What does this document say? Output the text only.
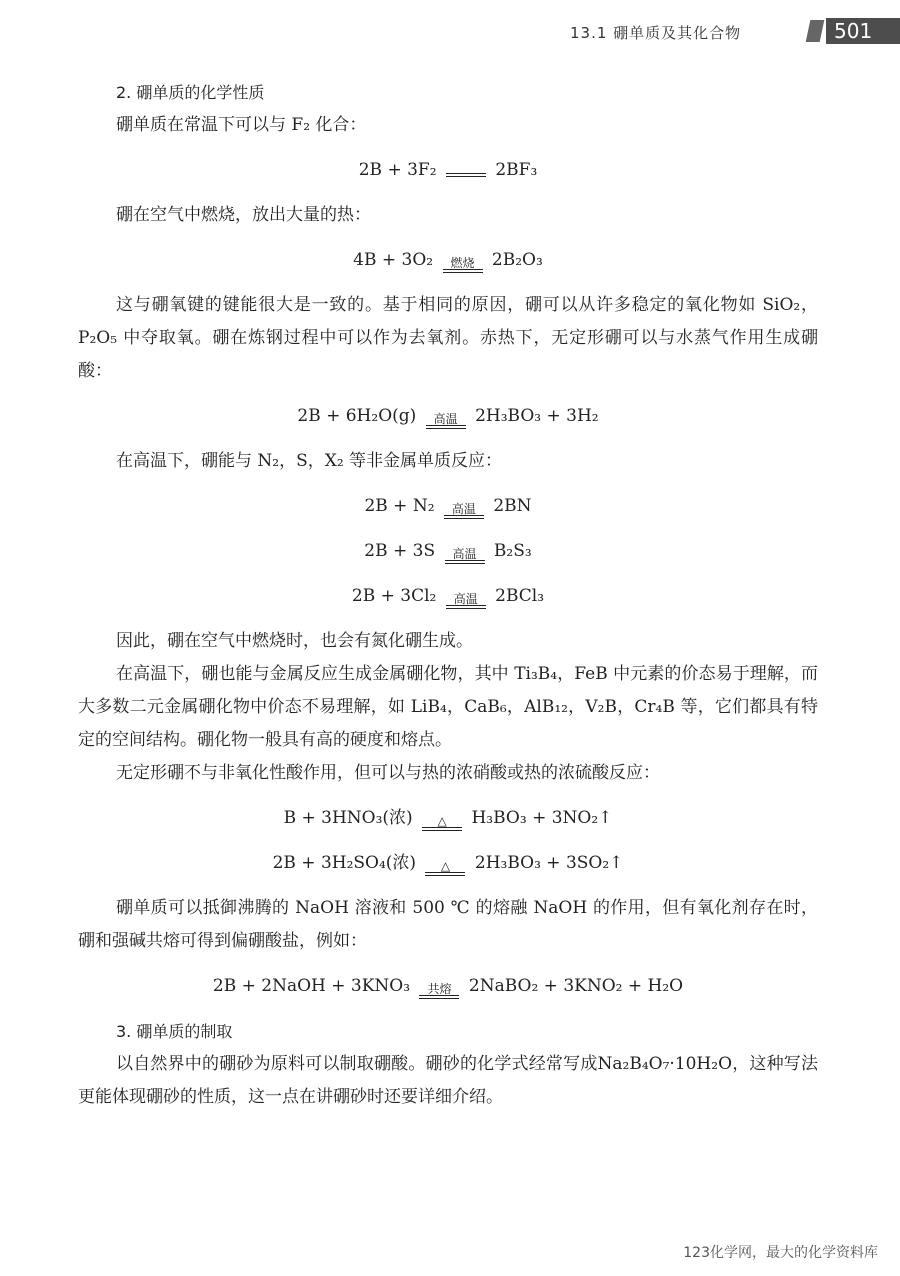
13.1 硼单质及其化合物	501
2. 硼单质的化学性质
硼单质在常温下可以与 F₂ 化合：
2B + 3F₂	2BF₃
硼在空气中燃烧，放出大量的热：
4B + 3O₂	燃烧	2B₂O₃
这与硼氧键的键能很大是一致的。基于相同的原因，硼可以从许多稳定的氧化物如 SiO₂，P₂O₅ 中夺取氧。硼在炼钢过程中可以作为去氧剂。赤热下，无定形硼可以与水蒸气作用生成硼酸：
2B + 6H₂O(g)	高温	2H₃BO₃ + 3H₂
在高温下，硼能与 N₂，S，X₂ 等非金属单质反应：
2B + N₂	高温	2BN
2B + 3S	高温	B₂S₃
2B + 3Cl₂	高温	2BCl₃
因此，硼在空气中燃烧时，也会有氮化硼生成。
在高温下，硼也能与金属反应生成金属硼化物，其中 Ti₃B₄，FeB 中元素的价态易于理解，而大多数二元金属硼化物中价态不易理解，如 LiB₄，CaB₆，AlB₁₂，V₂B，Cr₄B 等，它们都具有特定的空间结构。硼化物一般具有高的硬度和熔点。
无定形硼不与非氧化性酸作用，但可以与热的浓硝酸或热的浓硫酸反应：
B + 3HNO₃(浓)	△	H₃BO₃ + 3NO₂↑
2B + 3H₂SO₄(浓)	△	2H₃BO₃ + 3SO₂↑
硼单质可以抵御沸腾的 NaOH 溶液和 500 ℃ 的熔融 NaOH 的作用，但有氧化剂存在时，硼和强碱共熔可得到偏硼酸盐，例如：
2B + 2NaOH + 3KNO₃	共熔	2NaBO₂ + 3KNO₂ + H₂O
3. 硼单质的制取
以自然界中的硼砂为原料可以制取硼酸。硼砂的化学式经常写成Na₂B₄O₇·10H₂O，这种写法更能体现硼砂的性质，这一点在讲硼砂时还要详细介绍。
123化学网，最大的化学资料库
